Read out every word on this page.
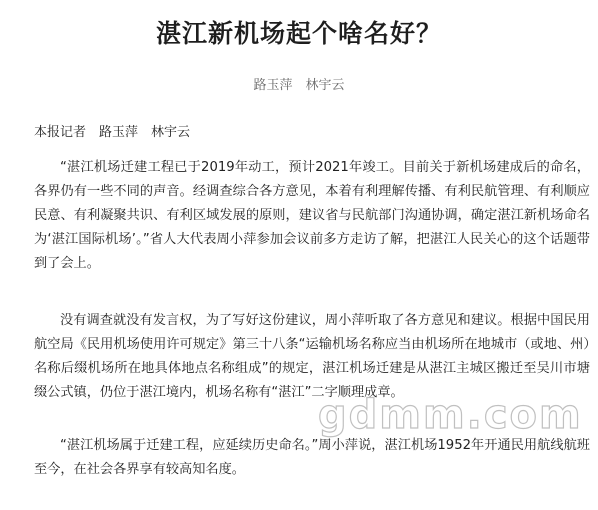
湛江新机场起个啥名好？
路玉萍　林宇云
本报记者　路玉萍　林宇云

“湛江机场迁建工程已于2019年动工，预计2021年竣工。目前关于新机场建成后的命名，各界仍有一些不同的声音。经调查综合各方意见，本着有利理解传播、有利民航管理、有利顺应民意、有利凝聚共识、有利区域发展的原则，建议省与民航部门沟通协调，确定湛江新机场命名为‘湛江国际机场’。”省人大代表周小萍参加会议前多方走访了解，把湛江人民关心的这个话题带到了会上。

没有调查就没有发言权，为了写好这份建议，周小萍听取了各方意见和建议。根据中国民用航空局《民用机场使用许可规定》第三十八条“运输机场名称应当由机场所在地城市（或地、州）名称后缀机场所在地具体地点名称组成”的规定，湛江机场迁建是从湛江主城区搬迁至吴川市塘缀公式镇，仍位于湛江境内，机场名称有“湛江”二字顺理成章。

“湛江机场属于迁建工程，应延续历史命名。”周小萍说，湛江机场1952年开通民用航线航班至今，在社会各界享有较高知名度。

gdmm.com
